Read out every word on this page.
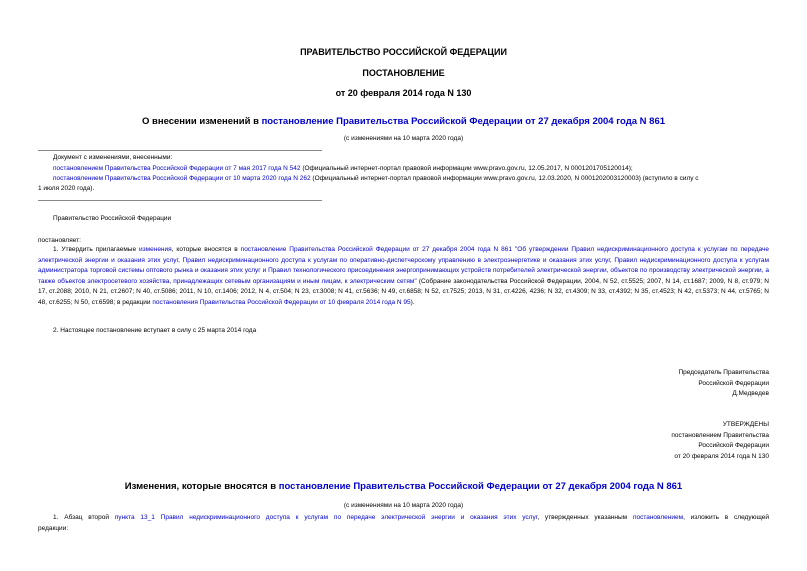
ПРАВИТЕЛЬСТВО РОССИЙСКОЙ ФЕДЕРАЦИИ
ПОСТАНОВЛЕНИЕ
от 20 февраля 2014 года N 130
О внесении изменений в постановление Правительства Российской Федерации от 27 декабря 2004 года N 861
(с изменениями на 10 марта 2020 года)
Документ с изменениями, внесенными:
постановлением Правительства Российской Федерации от 7 мая 2017 года N 542 (Официальный интернет-портал правовой информации www.pravo.gov.ru, 12.05.2017, N 0001201705120014);
постановлением Правительства Российской Федерации от 10 марта 2020 года N 262 (Официальный интернет-портал правовой информации www.pravo.gov.ru, 12.03.2020, N 0001202003120003) (вступило в силу с
1 июля 2020 года).
Правительство Российской Федерации
постановляет:
1. Утвердить прилагаемые изменения, которые вносятся в постановление Правительства Российской Федерации от 27 декабря 2004 года N 861 "Об утверждении Правил недискриминационного доступа к услугам по передаче электрической энергии и оказания этих услуг, Правил недискриминационного доступа к услугам по оперативно-диспетчерскому управлению в электроэнергетике и оказания этих услуг, Правил недискриминационного доступа к услугам администратора торговой системы оптового рынка и оказания этих услуг и Правил технологического присоединения энергопринимающих устройств потребителей электрической энергии, объектов по производству электрической энергии, а также объектов электросетевого хозяйства, принадлежащих сетевым организациям и иным лицам, к электрическим сетям" (Собрание законодательства Российской Федерации, 2004, N 52, ст.5525; 2007, N 14, ст.1687; 2009, N 8, ст.979; N 17, ст.2088; 2010, N 21, ст.2607; N 40, ст.5086; 2011, N 10, ст.1406; 2012, N 4, ст.504; N 23, ст.3008; N 41, ст.5636; N 49, ст.6858; N 52, ст.7525; 2013, N 31, ст.4226, 4236; N 32, ст.4309; N 33, ст.4392; N 35, ст.4523; N 42, ст.5373; N 44, ст.5765; N 48, ст.6255; N 50, ст.6598; в редакции постановления Правительства Российской Федерации от 10 февраля 2014 года N 95).
2. Настоящее постановление вступает в силу с 25 марта 2014 года
Председатель Правительства
Российской Федерации
Д.Медведев
УТВЕРЖДЕНЫ
постановлением Правительства
Российской Федерации
от 20 февраля 2014 года N 130
Изменения, которые вносятся в постановление Правительства Российской Федерации от 27 декабря 2004 года N 861
(с изменениями на 10 марта 2020 года)
1. Абзац второй пункта 13_1 Правил недискриминационного доступа к услугам по передаче электрической энергии и оказания этих услуг, утвержденных указанным постановлением, изложить в следующей
редакции:
